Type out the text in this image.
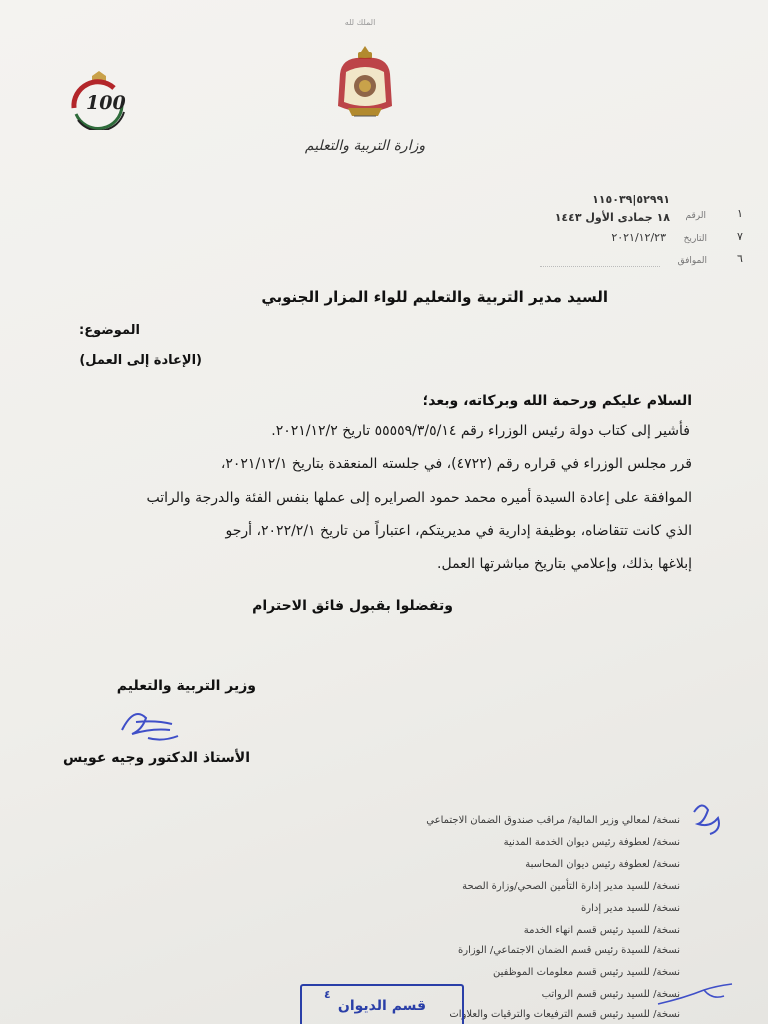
الملك لله
وزارة التربية والتعليم
100
١
٧
٦
الرقم
٥٢٩٩١|١١٥٠٣٩
١٨ جمادى الأول ١٤٤٣
التاريخ
٢٠٢١/١٢/٢٣
الموافق
السيد مدير التربية والتعليم للواء المزار الجنوبي
الموضوع:
(الإعادة إلى العمل)
السلام عليكم ورحمة الله وبركاته، وبعد؛
فأشير إلى كتاب دولة رئيس الوزراء رقم ٥٥٥٥٩/٣/٥/١٤ تاريخ ٢٠٢١/١٢/٢.
قرر مجلس الوزراء في قراره رقم (٤٧٢٢)، في جلسته المنعقدة بتاريخ ٢٠٢١/١٢/١،
الموافقة على إعادة السيدة أميره محمد حمود الصرايره إلى عملها بنفس الفئة والدرجة والراتب
الذي كانت تتقاضاه، بوظيفة إدارية في مديريتكم، اعتباراً من تاريخ ٢٠٢٢/٢/١، أرجو
إبلاغها بذلك، وإعلامي بتاريخ مباشرتها العمل.
وتفضلوا بقبول فائق الاحترام
وزير التربية والتعليم
الأستاذ الدكتور وجيه عويس
نسخة/ لمعالي وزير المالية/ مراقب صندوق الضمان الاجتماعي
نسخة/ لعطوفة رئيس ديوان الخدمة المدنية
نسخة/ لعطوفة رئيس ديوان المحاسبة
نسخة/ للسيد مدير إدارة التأمين الصحي/وزارة الصحة
نسخة/ للسيد مدير إدارة
نسخة/ للسيد رئيس قسم انهاء الخدمة
نسخة/ للسيدة رئيس قسم الضمان الاجتماعي/ الوزارة
نسخة/ للسيد رئيس قسم معلومات الموظفين
نسخة/ للسيد رئيس قسم الرواتب
نسخة/ للسيد رئيس قسم الترفيعات والترقيات والعلاوات
٤
قسم الديوان
